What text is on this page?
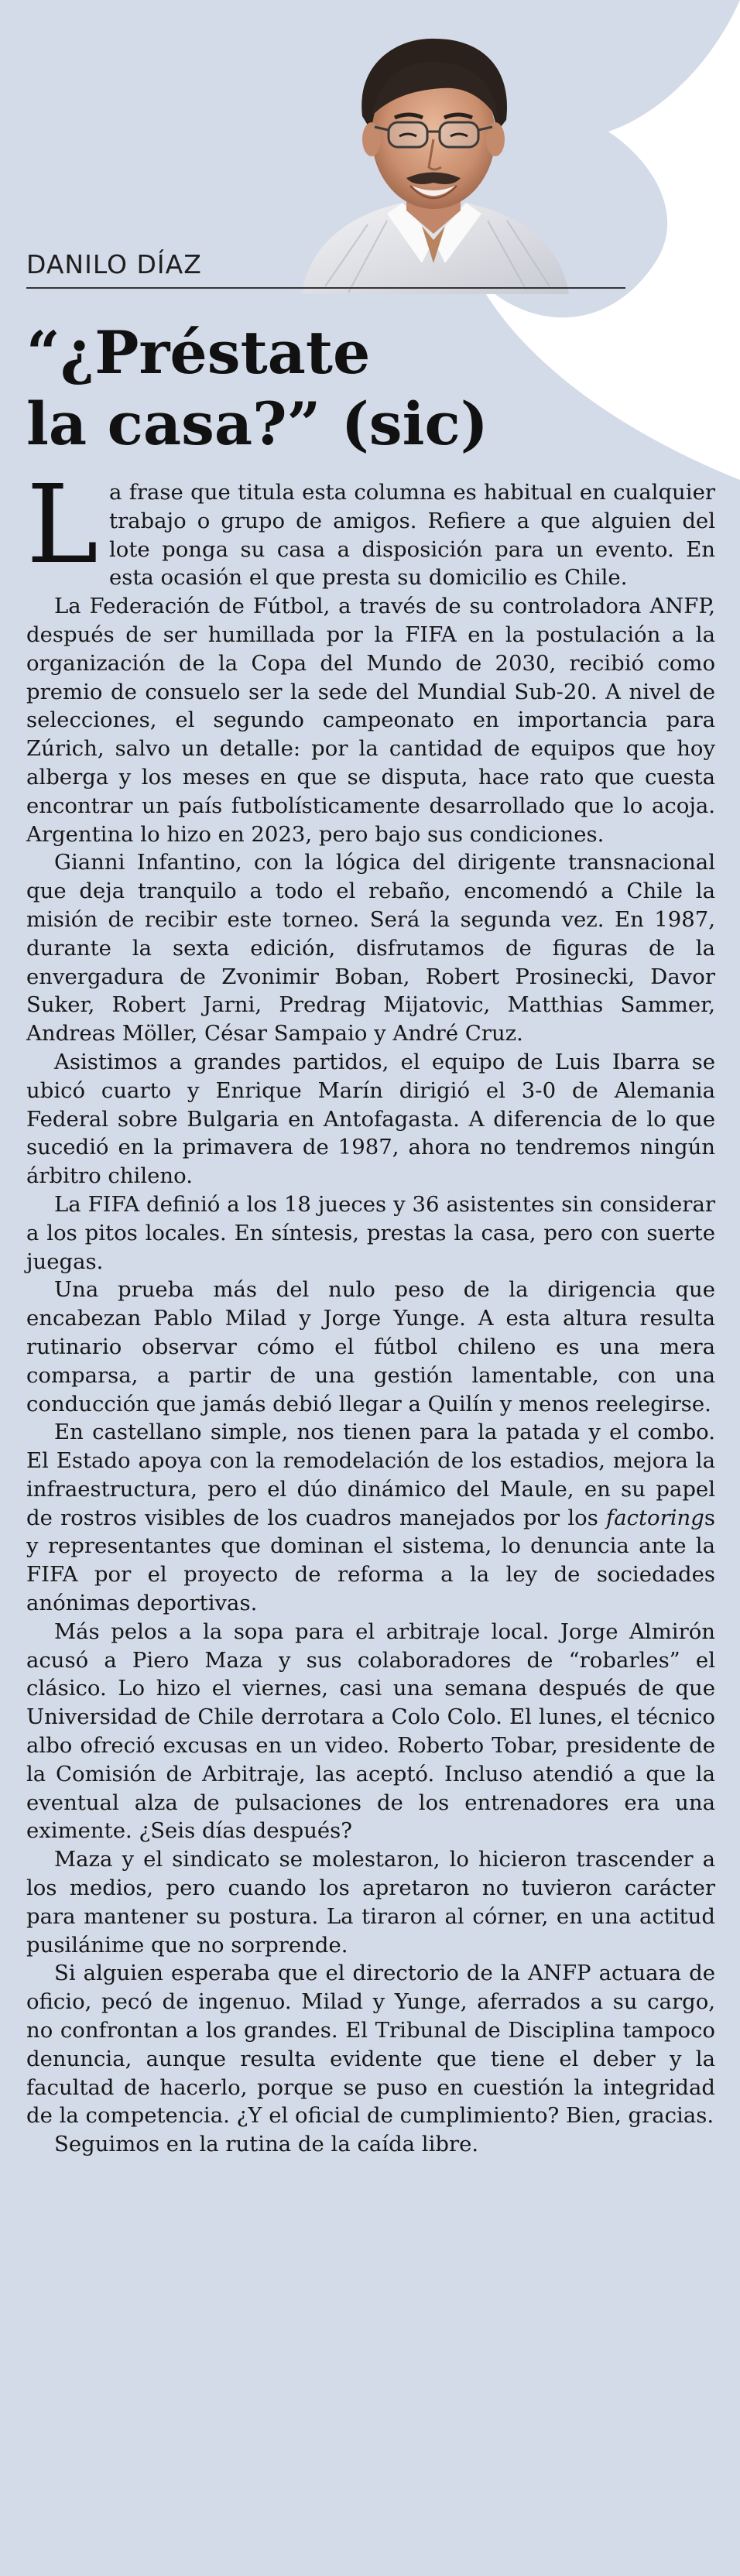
DANILO DÍAZ
“¿Préstate
la casa?” (sic)

La frase que titula esta columna es habitual en cualquier trabajo o grupo de amigos. Refiere a que alguien del lote ponga su casa a disposición para un evento. En esta ocasión el que presta su domicilio es Chile.

La Federación de Fútbol, a través de su controladora ANFP, después de ser humillada por la FIFA en la postulación a la organización de la Copa del Mundo de 2030, recibió como premio de consuelo ser la sede del Mundial Sub-20. A nivel de selecciones, el segundo campeonato en importancia para Zúrich, salvo un detalle: por la cantidad de equipos que hoy alberga y los meses en que se disputa, hace rato que cuesta encontrar un país futbolísticamente desarrollado que lo acoja. Argentina lo hizo en 2023, pero bajo sus condiciones.

Gianni Infantino, con la lógica del dirigente transnacional que deja tranquilo a todo el rebaño, encomendó a Chile la misión de recibir este torneo. Será la segunda vez. En 1987, durante la sexta edición, disfrutamos de figuras de la envergadura de Zvonimir Boban, Robert Prosinecki, Davor Suker, Robert Jarni, Predrag Mijatovic, Matthias Sammer, Andreas Möller, César Sampaio y André Cruz.

Asistimos a grandes partidos, el equipo de Luis Ibarra se ubicó cuarto y Enrique Marín dirigió el 3-0 de Alemania Federal sobre Bulgaria en Antofagasta. A diferencia de lo que sucedió en la primavera de 1987, ahora no tendremos ningún árbitro chileno.

La FIFA definió a los 18 jueces y 36 asistentes sin considerar a los pitos locales. En síntesis, prestas la casa, pero con suerte juegas.

Una prueba más del nulo peso de la dirigencia que encabezan Pablo Milad y Jorge Yunge. A esta altura resulta rutinario observar cómo el fútbol chileno es una mera comparsa, a partir de una gestión lamentable, con una conducción que jamás debió llegar a Quilín y menos reelegirse.

En castellano simple, nos tienen para la patada y el combo. El Estado apoya con la remodelación de los estadios, mejora la infraestructura, pero el dúo dinámico del Maule, en su papel de rostros visibles de los cuadros manejados por los factorings y representantes que dominan el sistema, lo denuncia ante la FIFA por el proyecto de reforma a la ley de sociedades anónimas deportivas.

Más pelos a la sopa para el arbitraje local. Jorge Almirón acusó a Piero Maza y sus colaboradores de “robarles” el clásico. Lo hizo el viernes, casi una semana después de que Universidad de Chile derrotara a Colo Colo. El lunes, el técnico albo ofreció excusas en un video. Roberto Tobar, presidente de la Comisión de Arbitraje, las aceptó. Incluso atendió a que la eventual alza de pulsaciones de los entrenadores era una eximente. ¿Seis días después?

Maza y el sindicato se molestaron, lo hicieron trascender a los medios, pero cuando los apretaron no tuvieron carácter para mantener su postura. La tiraron al córner, en una actitud pusilánime que no sorprende.

Si alguien esperaba que el directorio de la ANFP actuara de oficio, pecó de ingenuo. Milad y Yunge, aferrados a su cargo, no confrontan a los grandes. El Tribunal de Disciplina tampoco denuncia, aunque resulta evidente que tiene el deber y la facultad de hacerlo, porque se puso en cuestión la integridad de la competencia. ¿Y el oficial de cumplimiento? Bien, gracias.

Seguimos en la rutina de la caída libre.
